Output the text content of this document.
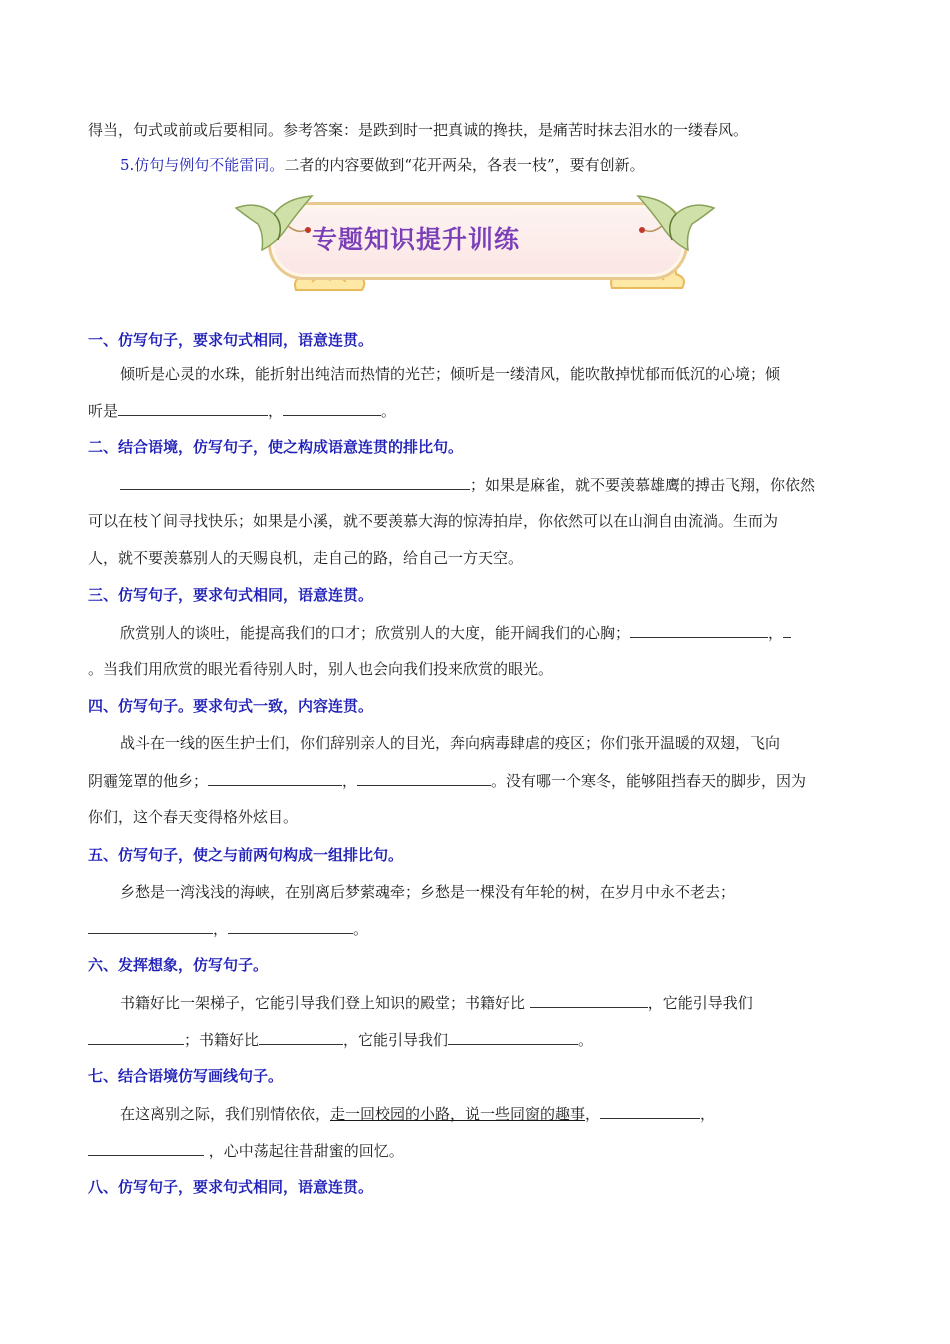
得当，句式或前或后要相同。参考答案：是跌到时一把真诚的搀扶，是痛苦时抹去泪水的一缕春风。
5.仿句与例句不能雷同。二者的内容要做到“花开两朵，各表一枝”，要有创新。
专题知识提升训练
一、仿写句子，要求句式相同，语意连贯。
倾听是心灵的水珠，能折射出纯洁而热情的光芒；倾听是一缕清风，能吹散掉忧郁而低沉的心境；倾
听是	，	。
二、结合语境，仿写句子，使之构成语意连贯的排比句。
；如果是麻雀，就不要羡慕雄鹰的搏击飞翔，你依然
可以在枝丫间寻找快乐；如果是小溪，就不要羡慕大海的惊涛拍岸，你依然可以在山涧自由流淌。生而为
人，就不要羡慕别人的天赐良机，走自己的路，给自己一方天空。
三、仿写句子，要求句式相同，语意连贯。
欣赏别人的谈吐，能提高我们的口才；欣赏别人的大度，能开阔我们的心胸；	，
。当我们用欣赏的眼光看待别人时，别人也会向我们投来欣赏的眼光。
四、仿写句子。要求句式一致，内容连贯。
战斗在一线的医生护士们，你们辞别亲人的目光，奔向病毒肆虐的疫区；你们张开温暖的双翅，飞向
阴霾笼罩的他乡；	，	。没有哪一个寒冬，能够阻挡春天的脚步，因为
你们，这个春天变得格外炫目。
五、仿写句子，使之与前两句构成一组排比句。
乡愁是一湾浅浅的海峡，在别离后梦萦魂牵；乡愁是一棵没有年轮的树，在岁月中永不老去；
，	。
六、发挥想象，仿写句子。
书籍好比一架梯子，它能引导我们登上知识的殿堂；书籍好比	，它能引导我们
；书籍好比	，它能引导我们	。
七、结合语境仿写画线句子。
在这离别之际，我们别情依依，走一回校园的小路，说一些同窗的趣事，	，
，心中荡起往昔甜蜜的回忆。
八、仿写句子，要求句式相同，语意连贯。
